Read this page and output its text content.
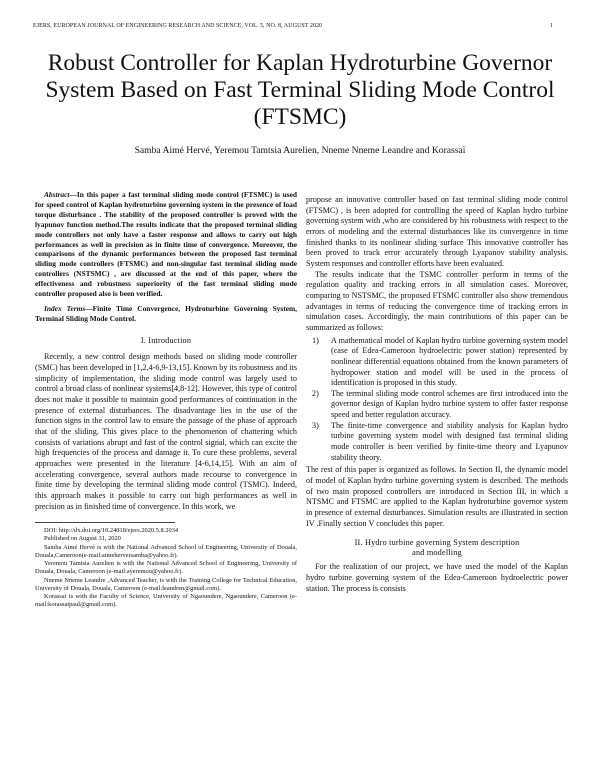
EJERS, EUROPEAN JOURNAL OF ENGINEERING RESEARCH AND SCIENCE, VOL. 5, NO. 8, AUGUST 2020	1
Robust Controller for Kaplan Hydroturbine Governor System Based on Fast Terminal Sliding Mode Control (FTSMC)
Samba Aimé Hervé, Yeremou Tamtsia Aurelien, Nneme Nneme Leandre and Korassaï

Abstract—In this paper a fast terminal sliding mode control (FTSMC) is used for speed control of Kaplan hydroturbine governing system in the presence of load torque disturbance . The stability of the proposed controller is proved with the lyapunov function method.The results indicate that the proposed terminal sliding mode controllers not only have a faster response and allows to carry out high performances as well in precision as in finite time of convergence. Moreover, the comparisons of the dynamic performances between the proposed fast terminal sliding mode controllers (FTSMC) and non-singular fast terminal sliding mode controllers (NSTSMC) , are discussed at the end of this paper, where the effectiveness and robustness superiority of the fast terminal sliding mode controller proposed also is been verified.

Index Terms—Finite Time Convergence, Hydroturbine Governing System, Terminal Sliding Mode Control.

I. Introduction

Recently, a new control design methods based on sliding mode controller (SMC) has been developed in [1,2,4-6,9-13,15]. Known by its robustness and its simplicity of implementation, the sliding mode control was largely used to control a broad class of nonlinear systems[4,8-12]. However, this type of control does not make it possible to maintain good performances of continuation in the presence of external disturbances. The disadvantage lies in the use of the function signs in the control law to ensure the passage of the phase of approach that of the sliding. This gives place to the phenomenon of chattering which consists of variations abrupt and fast of the control signal, which can excite the high frequencies of the process and damage it. To cure these problems, several approaches were presented in the literature [4-6,14,15]. With an aim of accelerating convergence, several authors made recourse to convergence in finite time by developing the terminal sliding mode control (TSMC). Indeed, this approach makes it possible to carry out high performances as well in precision as in finished time of convergence. In this work, we

DOI: http://dx.doi.org/10.24018/ejers.2020.5.8.2034

Published on August 31, 2020

Samba Aimé Hervé is with the National Advanced School of Engineering, University of Douala, Douala,Cameroon(e-mail:aimeherversamba@yahoo.fr).

Yeremou Tamtsia Aurelien is with the National Advanced School of Engineering, University of Douala, Douala, Cameroon (e-mail:ayeremou@yahoo.fr).

Nneme Nneme Leandre ,Advanced Teacher, is with the Training College for Technical Education, University of Douala, Douala, Cameroon (e-mail:leandren@gmail.com).

Korassaï is with the Faculty of Science, University of Ngaoundere, Ngaoundere, Cameroon (e-mail:korassaipaul@gmail.com).

propose an innovative controller based on fast terminal sliding mode control (FTSMC) , is been adopted for controlling the speed of Kaplan hydro turbine governing system with ,who are considered by his robustness with respect to the errors of modeling and the external disturbances like its convergence in time finished thanks to its nonlinear sliding surface This innovative controller has been proved to track error accurately through Lyapanov stability analysis. System responses and controller efforts have been evaluated.

The results indicate that the TSMC controller perform in terms of the regulation quality and tracking errors in all simulation cases. Moreover, comparing to NSTSMC, the proposed FTSMC controller also show tremendous advantages in terms of reducing the convergence time of tracking errors in simulation cases. Accordingly, the main contributions of this paper can be summarized as follows:

1) A mathematical model of Kaplan hydro turbine governing system model (case of Edea-Cameroon hydroelectric power station) represented by nonlinear differential equations obtained from the known parameters of hydropower station and model will be used in the process of identification is proposed in this study.
2) The terminal sliding mode control schemes are first introduced into the governor design of Kaplan hydro turbine system to offer faster response speed and better regulation accuracy.
3) The finite-time convergence and stability analysis for Kaplan hydro turbine governing system model with designed fast terminal sliding mode controller is been verified by finite-time theory and Lyapunov stability theory.

The rest of this paper is organized as follows. In Section II, the dynamic model of model of Kaplan hydro turbine governing system is described. The methods of two main proposed controllers are introduced in Section III, in which a NTSMC and FTSMC are applied to the Kaplan hydroturbine governor system in presence of external disturbances. Simulation results are illustrated in section IV .Finally section V concludes this paper.

II. Hydro turbine governing System description
and modelling

For the realization of our project, we have used the model of the Kaplan hydro turbine governing system of the Edea-Cameroon hydroelectric power station. The process is consists
